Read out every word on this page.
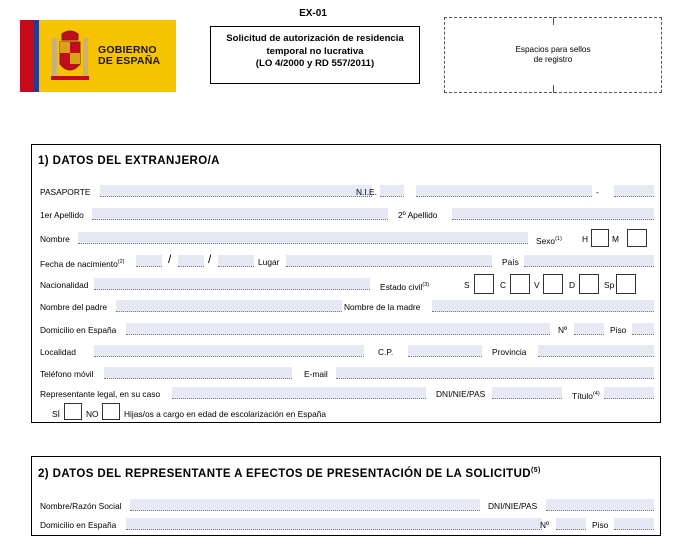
GOBIERNO
DE ESPAÑA
EX-01
Solicitud de autorización de residencia
temporal no lucrativa
(LO 4/2000 y RD 557/2011)
Espacios para sellos
de registro
1) DATOS DEL EXTRANJERO/A
PASAPORTE	N.I.E.	-
1er Apellido	2º Apellido
Nombre	Sexo$^{(1)}$ H	M
Fecha de nacimiento$^{(2)}$	/	/	Lugar	País
Nacionalidad	Estado civil$^{(3)}$	S	C	V	D	Sp
Nombre del padre	Nombre de la madre
Domicilio en España	Nº	Piso
Localidad	C.P.	Provincia
Teléfono móvil	E-mail
Representante legal, en su caso	DNI/NIE/PAS	Título$^{(4)}$
SÍ	NO	Hijas/os a cargo en edad de escolarización en España
2) DATOS DEL REPRESENTANTE A EFECTOS DE PRESENTACIÓN DE LA SOLICITUD$^{(5)}$
Nombre/Razón Social	DNI/NIE/PAS
Domicilio en España	Nº	Piso
